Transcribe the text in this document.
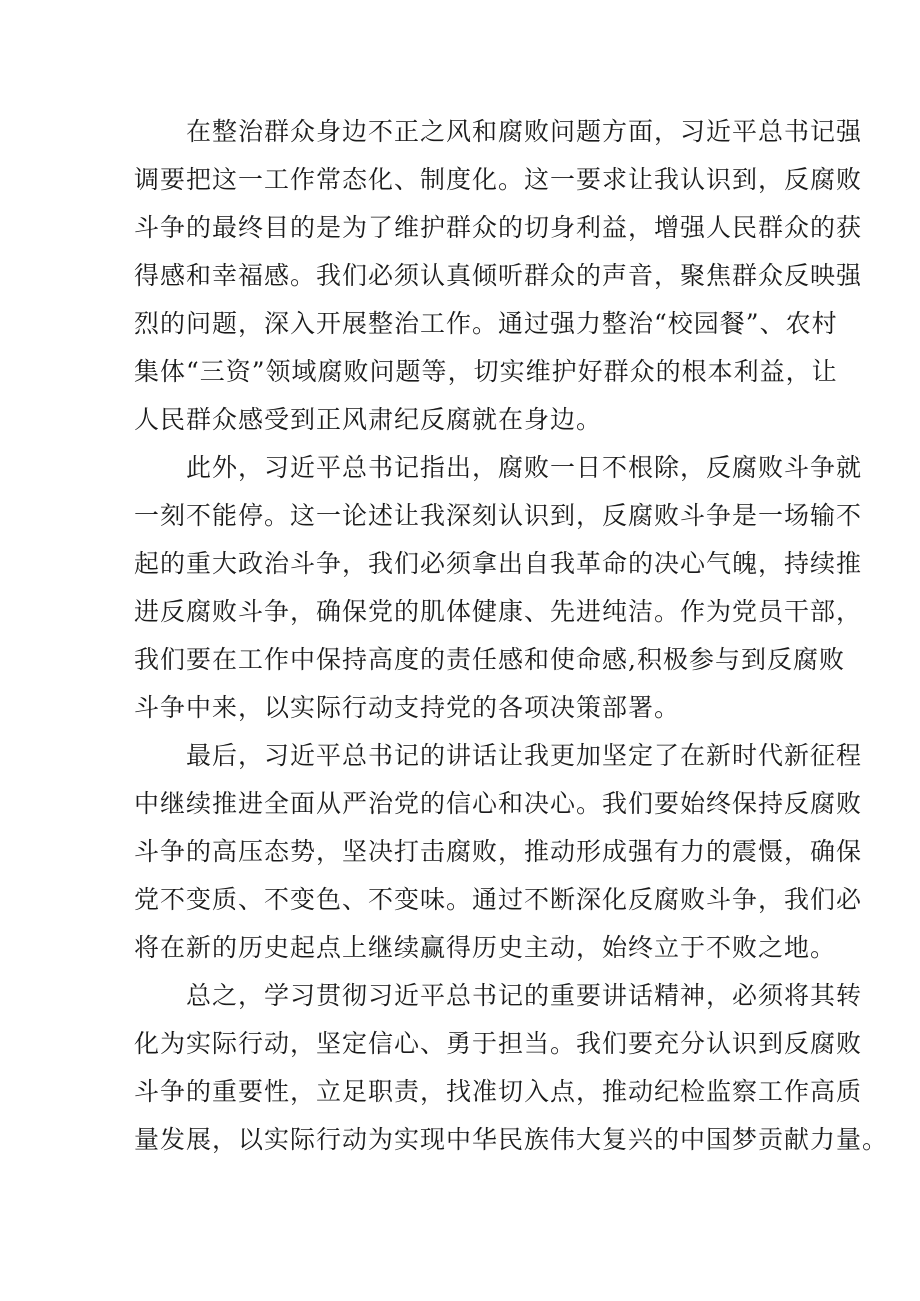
在整治群众身边不正之风和腐败问题方面，习近平总书记强
调要把这一工作常态化、制度化。这一要求让我认识到，反腐败
斗争的最终目的是为了维护群众的切身利益，增强人民群众的获
得感和幸福感。我们必须认真倾听群众的声音，聚焦群众反映强
烈的问题，深入开展整治工作。通过强力整治“校园餐”、农村
集体“三资”领域腐败问题等，切实维护好群众的根本利益，让
人民群众感受到正风肃纪反腐就在身边。
此外，习近平总书记指出，腐败一日不根除，反腐败斗争就
一刻不能停。这一论述让我深刻认识到，反腐败斗争是一场输不
起的重大政治斗争，我们必须拿出自我革命的决心气魄，持续推
进反腐败斗争，确保党的肌体健康、先进纯洁。作为党员干部，
我们要在工作中保持高度的责任感和使命感,积极参与到反腐败
斗争中来，以实际行动支持党的各项决策部署。
最后，习近平总书记的讲话让我更加坚定了在新时代新征程
中继续推进全面从严治党的信心和决心。我们要始终保持反腐败
斗争的高压态势，坚决打击腐败，推动形成强有力的震慑，确保
党不变质、不变色、不变味。通过不断深化反腐败斗争，我们必
将在新的历史起点上继续赢得历史主动，始终立于不败之地。
总之，学习贯彻习近平总书记的重要讲话精神，必须将其转
化为实际行动，坚定信心、勇于担当。我们要充分认识到反腐败
斗争的重要性，立足职责，找准切入点，推动纪检监察工作高质
量发展，以实际行动为实现中华民族伟大复兴的中国梦贡献力量。
